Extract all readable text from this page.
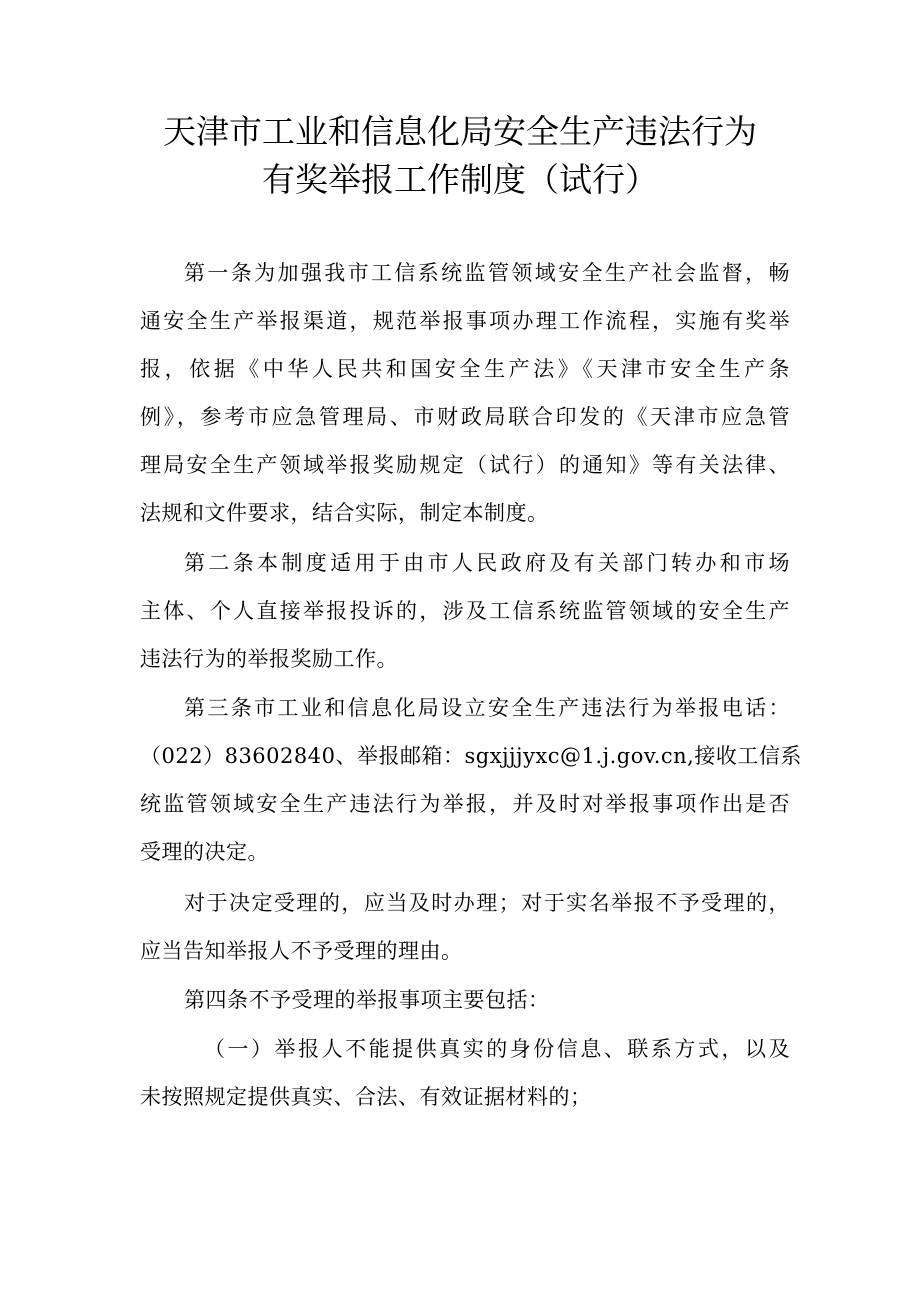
天津市工业和信息化局安全生产违法行为
有奖举报工作制度（试行）
第一条为加强我市工信系统监管领域安全生产社会监督，畅
通安全生产举报渠道，规范举报事项办理工作流程，实施有奖举
报，依据《中华人民共和国安全生产法》《天津市安全生产条
例》，参考市应急管理局、市财政局联合印发的《天津市应急管
理局安全生产领域举报奖励规定（试行）的通知》等有关法律、
法规和文件要求，结合实际，制定本制度。
第二条本制度适用于由市人民政府及有关部门转办和市场
主体、个人直接举报投诉的，涉及工信系统监管领域的安全生产
违法行为的举报奖励工作。
第三条市工业和信息化局设立安全生产违法行为举报电话：
（022）83602840、举报邮箱：sgxjjjyxc@1.j.gov.cn,接收工信系
统监管领域安全生产违法行为举报，并及时对举报事项作出是否
受理的决定。
对于决定受理的，应当及时办理；对于实名举报不予受理的，
应当告知举报人不予受理的理由。
第四条不予受理的举报事项主要包括：
（一）举报人不能提供真实的身份信息、联系方式，以及
未按照规定提供真实、合法、有效证据材料的；
